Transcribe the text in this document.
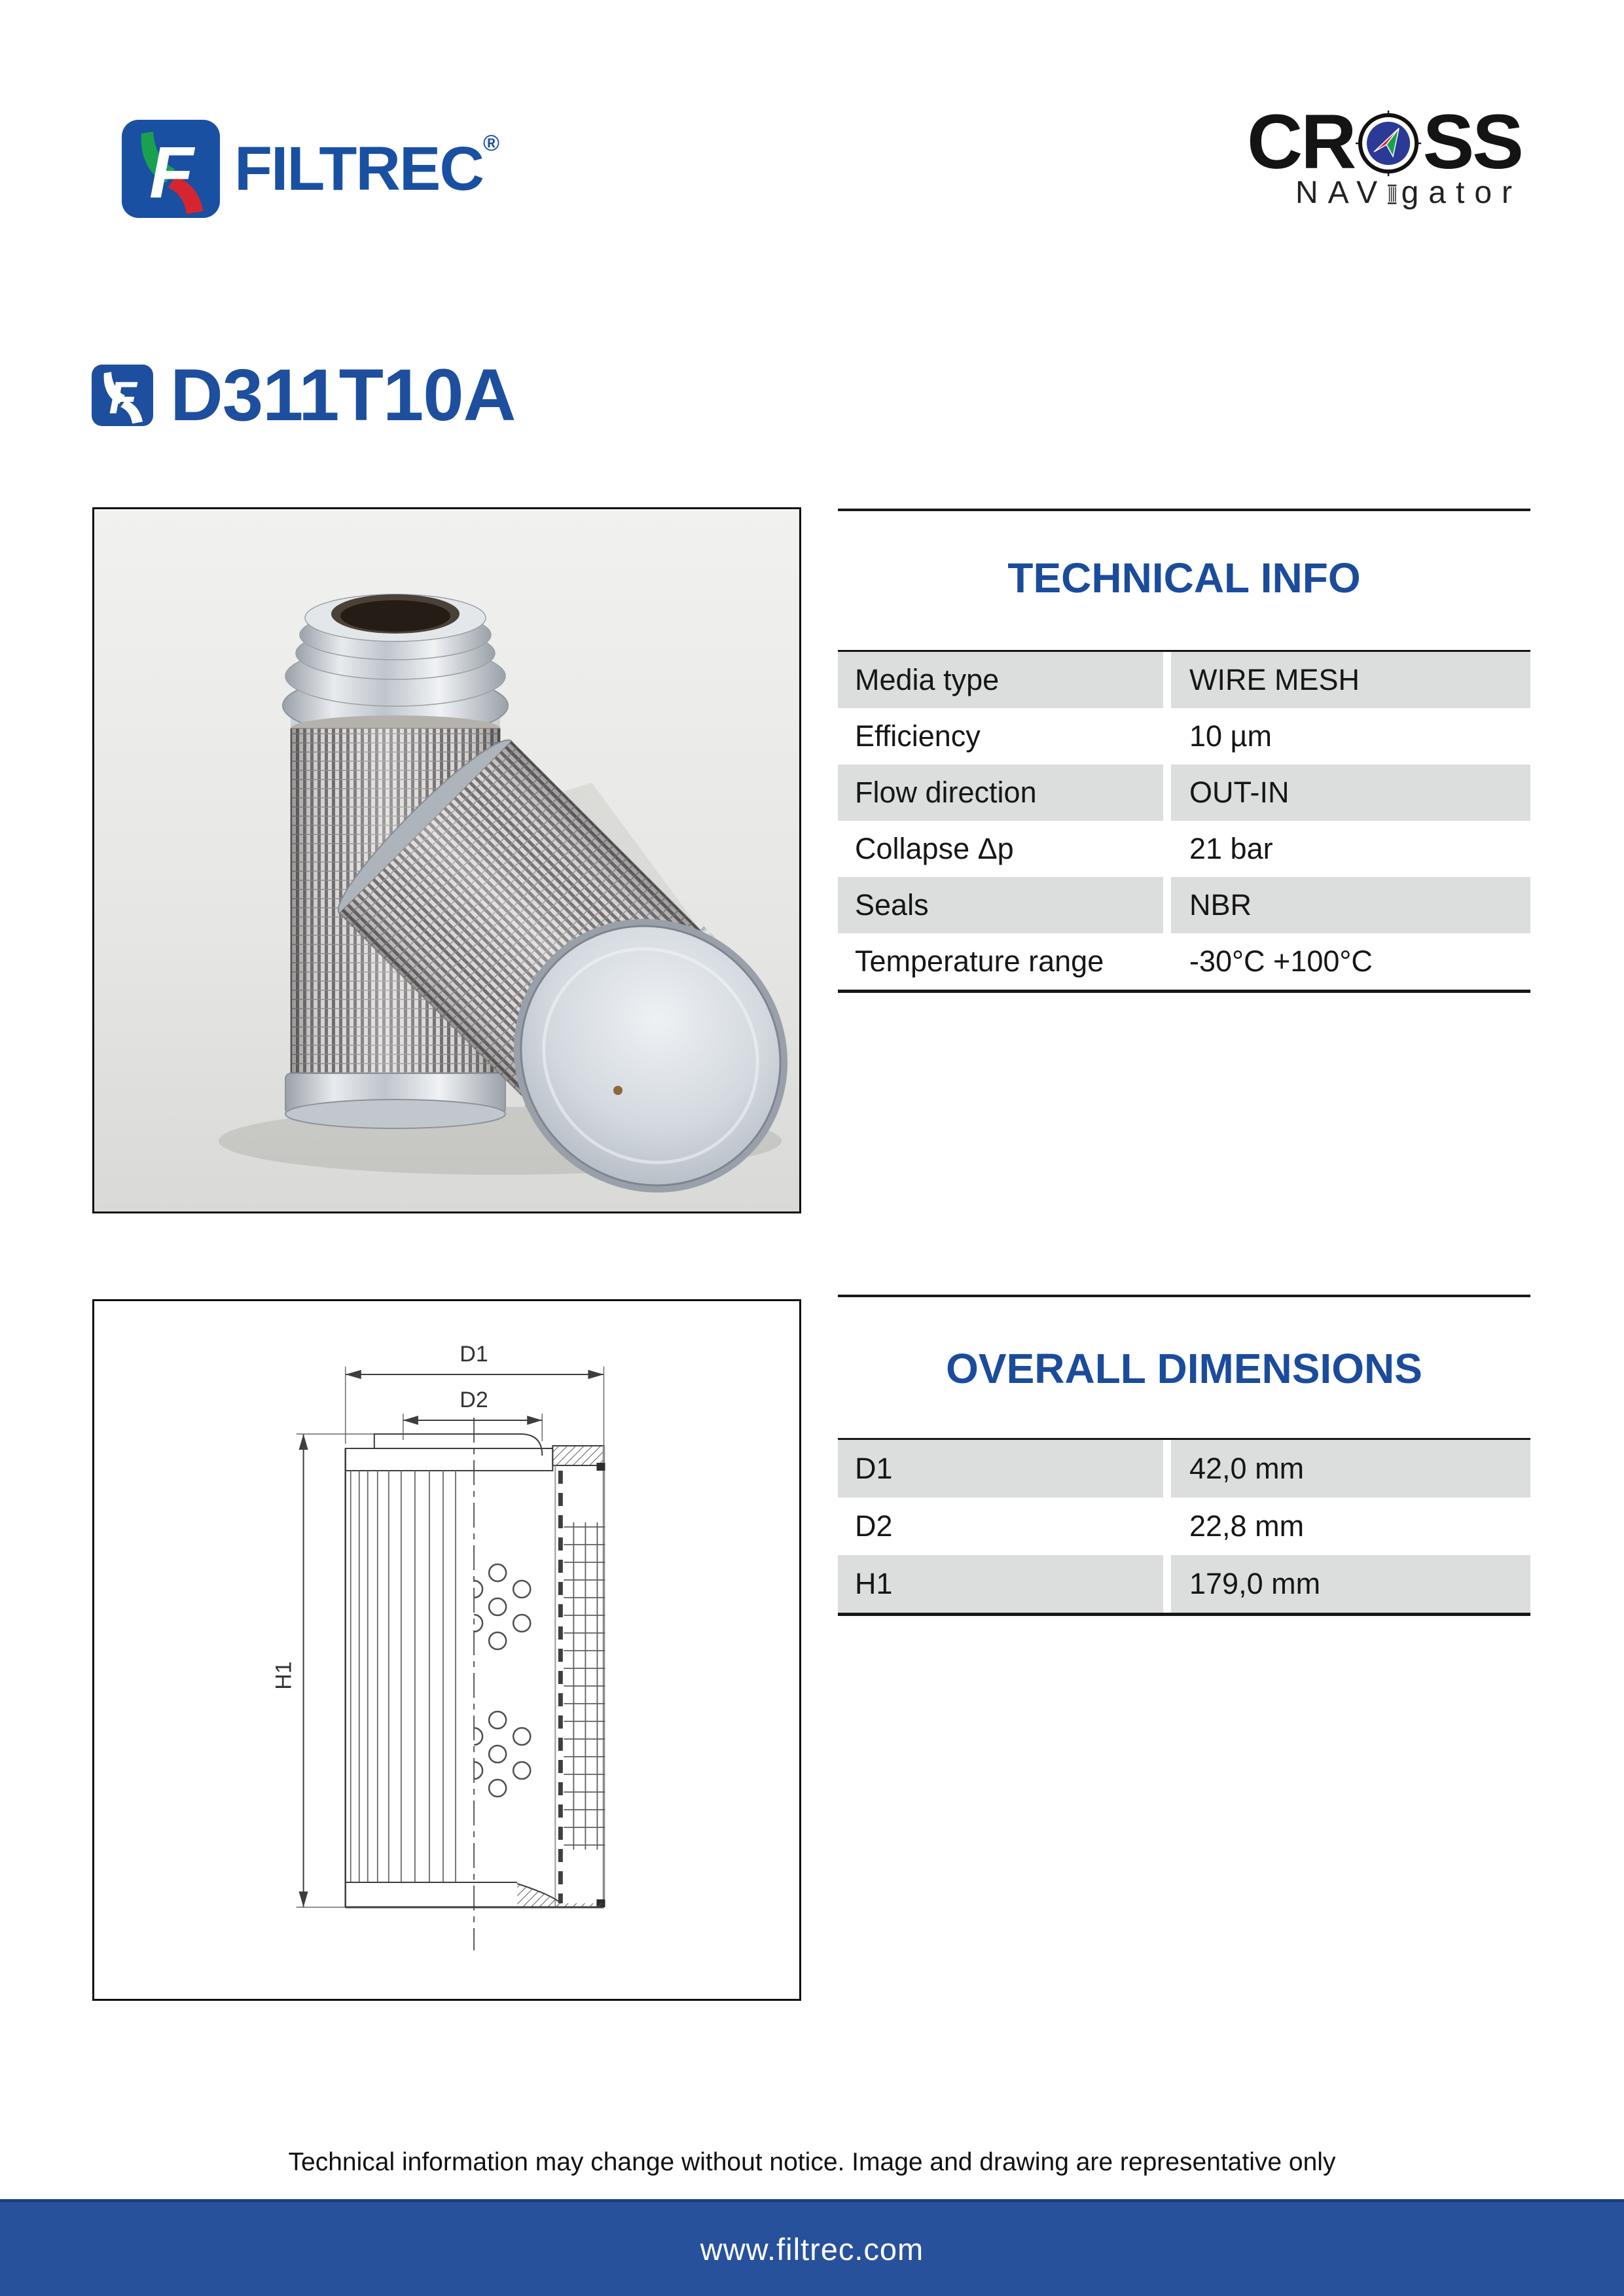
F FILTREC®	CR SS
NAV gator
F D311T10A
TECHNICAL INFO
Media type	WIRE MESH
Efficiency	10 µm
Flow direction	OUT-IN
Collapse Δp	21 bar
Seals	NBR
Temperature range	-30°C +100°C
D1
D2
H1
OVERALL DIMENSIONS
D1	42,0 mm
D2	22,8 mm
H1	179,0 mm
Technical information may change without notice. Image and drawing are representative only
www.filtrec.com
